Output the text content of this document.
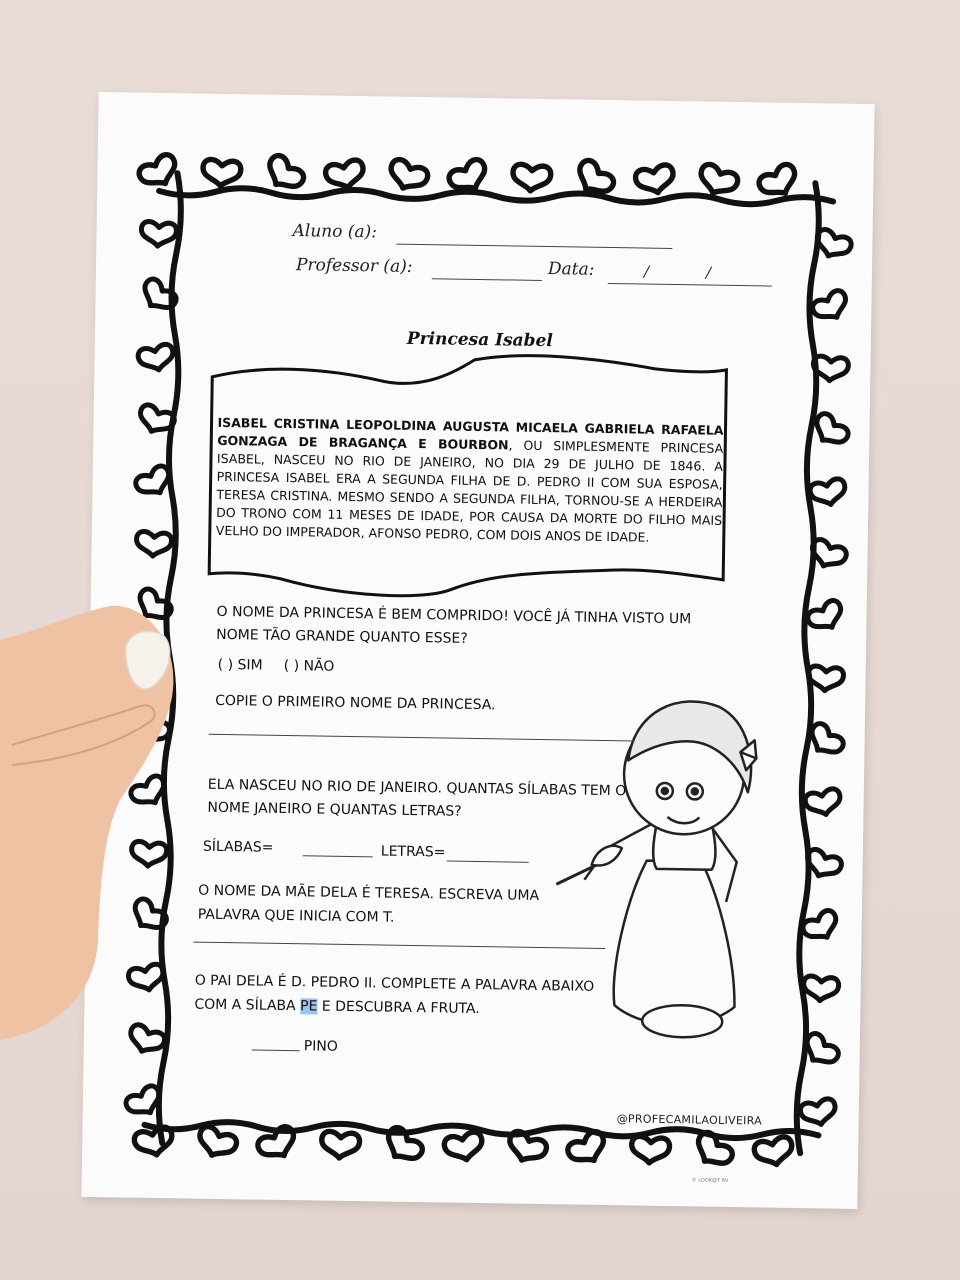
Aluno (a):
Professor (a):	Data:	/	/
Princesa Isabel
ISABEL CRISTINA LEOPOLDINA AUGUSTA MICAELA GABRIELA RAFAELA GONZAGA DE BRAGANÇA E BOURBON, OU SIMPLESMENTE PRINCESA ISABEL, NASCEU NO RIO DE JANEIRO, NO DIA 29 DE JULHO DE 1846. A PRINCESA ISABEL ERA A SEGUNDA FILHA DE D. PEDRO II COM SUA ESPOSA, TERESA CRISTINA. MESMO SENDO A SEGUNDA FILHA, TORNOU-SE A HERDEIRA DO TRONO COM 11 MESES DE IDADE, POR CAUSA DA MORTE DO FILHO MAIS VELHO DO IMPERADOR, AFONSO PEDRO, COM DOIS ANOS DE IDADE.
O NOME DA PRINCESA É BEM COMPRIDO! VOCÊ JÁ TINHA VISTO UM
NOME TÃO GRANDE QUANTO ESSE?
( ) SIM ( ) NÃO
COPIE O PRIMEIRO NOME DA PRINCESA.
ELA NASCEU NO RIO DE JANEIRO. QUANTAS SÍLABAS TEM O
NOME JANEIRO E QUANTAS LETRAS?
SÍLABAS=	LETRAS=
O NOME DA MÃE DELA É TERESA. ESCREVA UMA
PALAVRA QUE INICIA COM T.
O PAI DELA É D. PEDRO II. COMPLETE A PALAVRA ABAIXO
COM A SÍLABA PE E DESCUBRA A FRUTA.
PINO
@PROFECAMILAOLIVEIRA
© LOOK@T RV
